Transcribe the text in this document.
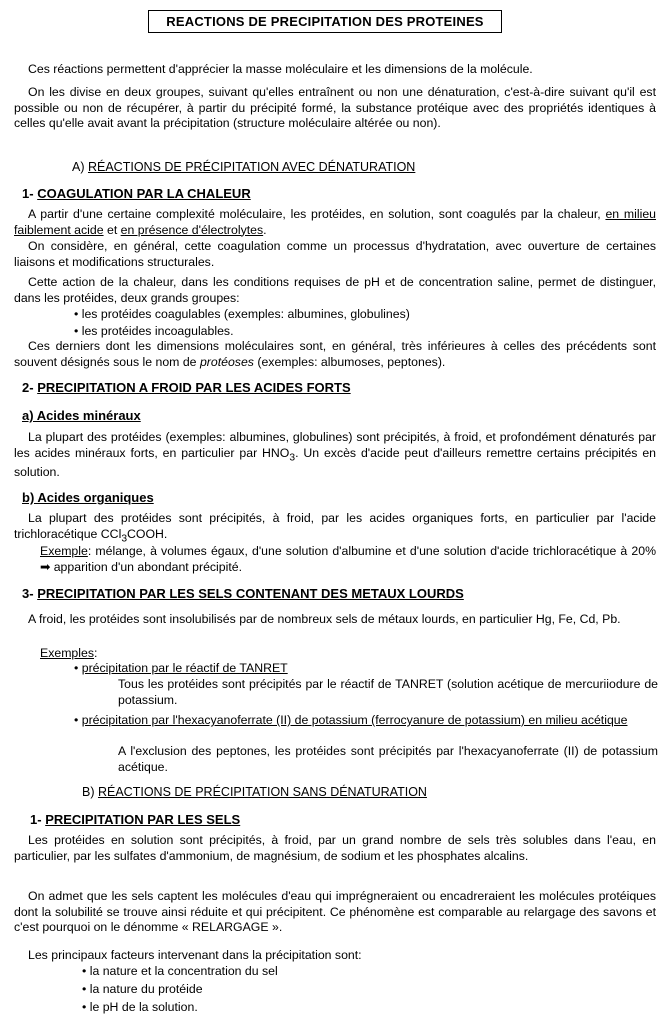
REACTIONS DE PRECIPITATION DES PROTEINES
Ces réactions permettent d'apprécier la masse moléculaire et les dimensions de la molécule.
On les divise en deux groupes, suivant qu'elles entraînent ou non une dénaturation, c'est-à-dire suivant qu'il est possible ou non de récupérer, à partir du précipité formé, la substance protéique avec des propriétés identiques à celles qu'elle avait avant la précipitation (structure moléculaire altérée ou non).
A) RÉACTIONS DE PRÉCIPITATION AVEC DÉNATURATION
1- COAGULATION PAR LA CHALEUR
A partir d'une certaine complexité moléculaire, les protéides, en solution, sont coagulés par la chaleur, en milieu faiblement acide et en présence d'électrolytes.
On considère, en général, cette coagulation comme un processus d'hydratation, avec ouverture de certaines liaisons et modifications structurales.
Cette action de la chaleur, dans les conditions requises de pH et de concentration saline, permet de distinguer, dans les protéides, deux grands groupes:
• les protéides coagulables (exemples: albumines, globulines)
• les protéides incoagulables.
Ces derniers dont les dimensions moléculaires sont, en général, très inférieures à celles des précédents sont souvent désignés sous le nom de protéoses (exemples: albumoses, peptones).
2- PRECIPITATION A FROID PAR LES ACIDES FORTS
a) Acides minéraux
La plupart des protéides (exemples: albumines, globulines) sont précipités, à froid, et profondément dénaturés par les acides minéraux forts, en particulier par $HNO_3$. Un excès d'acide peut d'ailleurs remettre certains précipités en solution.
b) Acides organiques
La plupart des protéides sont précipités, à froid, par les acides organiques forts, en particulier par l'acide trichloracétique CCl$_3$COOH.
Exemple: mélange, à volumes égaux, d'une solution d'albumine et d'une solution d'acide trichloracétique à 20% ➡ apparition d'un abondant précipité.
3- PRECIPITATION PAR LES SELS CONTENANT DES METAUX LOURDS
A froid, les protéides sont insolubilisés par de nombreux sels de métaux lourds, en particulier Hg, Fe, Cd, Pb.
Exemples:
• précipitation par le réactif de TANRET
Tous les protéides sont précipités par le réactif de TANRET (solution acétique de mercuriiodure de potassium.
• précipitation par l'hexacyanoferrate (II) de potassium (ferrocyanure de potassium) en milieu acétique
A l'exclusion des peptones, les protéides sont précipités par l'hexacyanoferrate (II) de potassium acétique.
B) RÉACTIONS DE PRÉCIPITATION SANS DÉNATURATION
1- PRECIPITATION PAR LES SELS
Les protéides en solution sont précipités, à froid, par un grand nombre de sels très solubles dans l'eau, en particulier, par les sulfates d'ammonium, de magnésium, de sodium et les phosphates alcalins.
On admet que les sels captent les molécules d'eau qui imprégneraient ou encadreraient les molécules protéiques dont la solubilité se trouve ainsi réduite et qui précipitent. Ce phénomène est comparable au relargage des savons et c'est pourquoi on le dénomme « RELARGAGE ».
Les principaux facteurs intervenant dans la précipitation sont:
• la nature et la concentration du sel
• la nature du protéide
• le pH de la solution.
